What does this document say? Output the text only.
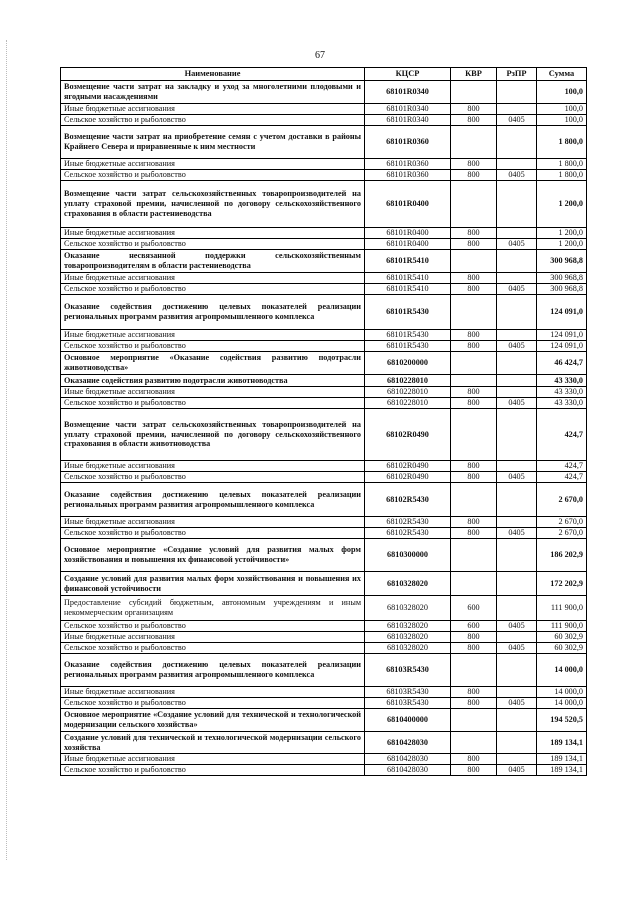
67
Наименование	КЦСР	КВР	РзПР	Сумма
Возмещение части затрат на закладку и уход за многолетними плодовыми и ягодными насаждениями	68101R0340			100,0
Иные бюджетные ассигнования	68101R0340	800		100,0
Сельское хозяйство и рыболовство	68101R0340	800	0405	100,0
Возмещение части затрат на приобретение семян с учетом доставки в районы Крайнего Севера и приравненные к ним местности	68101R0360			1 800,0
Иные бюджетные ассигнования	68101R0360	800		1 800,0
Сельское хозяйство и рыболовство	68101R0360	800	0405	1 800,0
Возмещение части затрат сельскохозяйственных товаропроизводителей на уплату страховой премии, начисленной по договору сельскохозяйственного страхования в области растениеводства	68101R0400			1 200,0
Иные бюджетные ассигнования	68101R0400	800		1 200,0
Сельское хозяйство и рыболовство	68101R0400	800	0405	1 200,0
Оказание несвязанной поддержки сельскохозяйственным товаропроизводителям в области растениеводства	68101R5410			300 968,8
Иные бюджетные ассигнования	68101R5410	800		300 968,8
Сельское хозяйство и рыболовство	68101R5410	800	0405	300 968,8
Оказание содействия достижению целевых показателей реализации региональных программ развития агропромышленного комплекса	68101R5430			124 091,0
Иные бюджетные ассигнования	68101R5430	800		124 091,0
Сельское хозяйство и рыболовство	68101R5430	800	0405	124 091,0
Основное мероприятие «Оказание содействия развитию подотрасли животноводства»	6810200000			46 424,7
Оказание содействия развитию подотрасли животноводства	6810228010			43 330,0
Иные бюджетные ассигнования	6810228010	800		43 330,0
Сельское хозяйство и рыболовство	6810228010	800	0405	43 330,0
Возмещение части затрат сельскохозяйственных товаропроизводителей на уплату страховой премии, начисленной по договору сельскохозяйственного страхования в области животноводства	68102R0490			424,7
Иные бюджетные ассигнования	68102R0490	800		424,7
Сельское хозяйство и рыболовство	68102R0490	800	0405	424,7
Оказание содействия достижению целевых показателей реализации региональных программ развития агропромышленного комплекса	68102R5430			2 670,0
Иные бюджетные ассигнования	68102R5430	800		2 670,0
Сельское хозяйство и рыболовство	68102R5430	800	0405	2 670,0
Основное мероприятие «Создание условий для развития малых форм хозяйствования и повышения их финансовой устойчивости»	6810300000			186 202,9
Создание условий для развития малых форм хозяйствования и повышения их финансовой устойчивости	6810328020			172 202,9
Предоставление субсидий бюджетным, автономным учреждениям и иным некоммерческим организациям	6810328020	600		111 900,0
Сельское хозяйство и рыболовство	6810328020	600	0405	111 900,0
Иные бюджетные ассигнования	6810328020	800		60 302,9
Сельское хозяйство и рыболовство	6810328020	800	0405	60 302,9
Оказание содействия достижению целевых показателей реализации региональных программ развития агропромышленного комплекса	68103R5430			14 000,0
Иные бюджетные ассигнования	68103R5430	800		14 000,0
Сельское хозяйство и рыболовство	68103R5430	800	0405	14 000,0
Основное мероприятие «Создание условий для технической и технологической модернизации сельского хозяйства»	6810400000			194 520,5
Создание условий для технической и технологической модернизации сельского хозяйства	6810428030			189 134,1
Иные бюджетные ассигнования	6810428030	800		189 134,1
Сельское хозяйство и рыболовство	6810428030	800	0405	189 134,1
